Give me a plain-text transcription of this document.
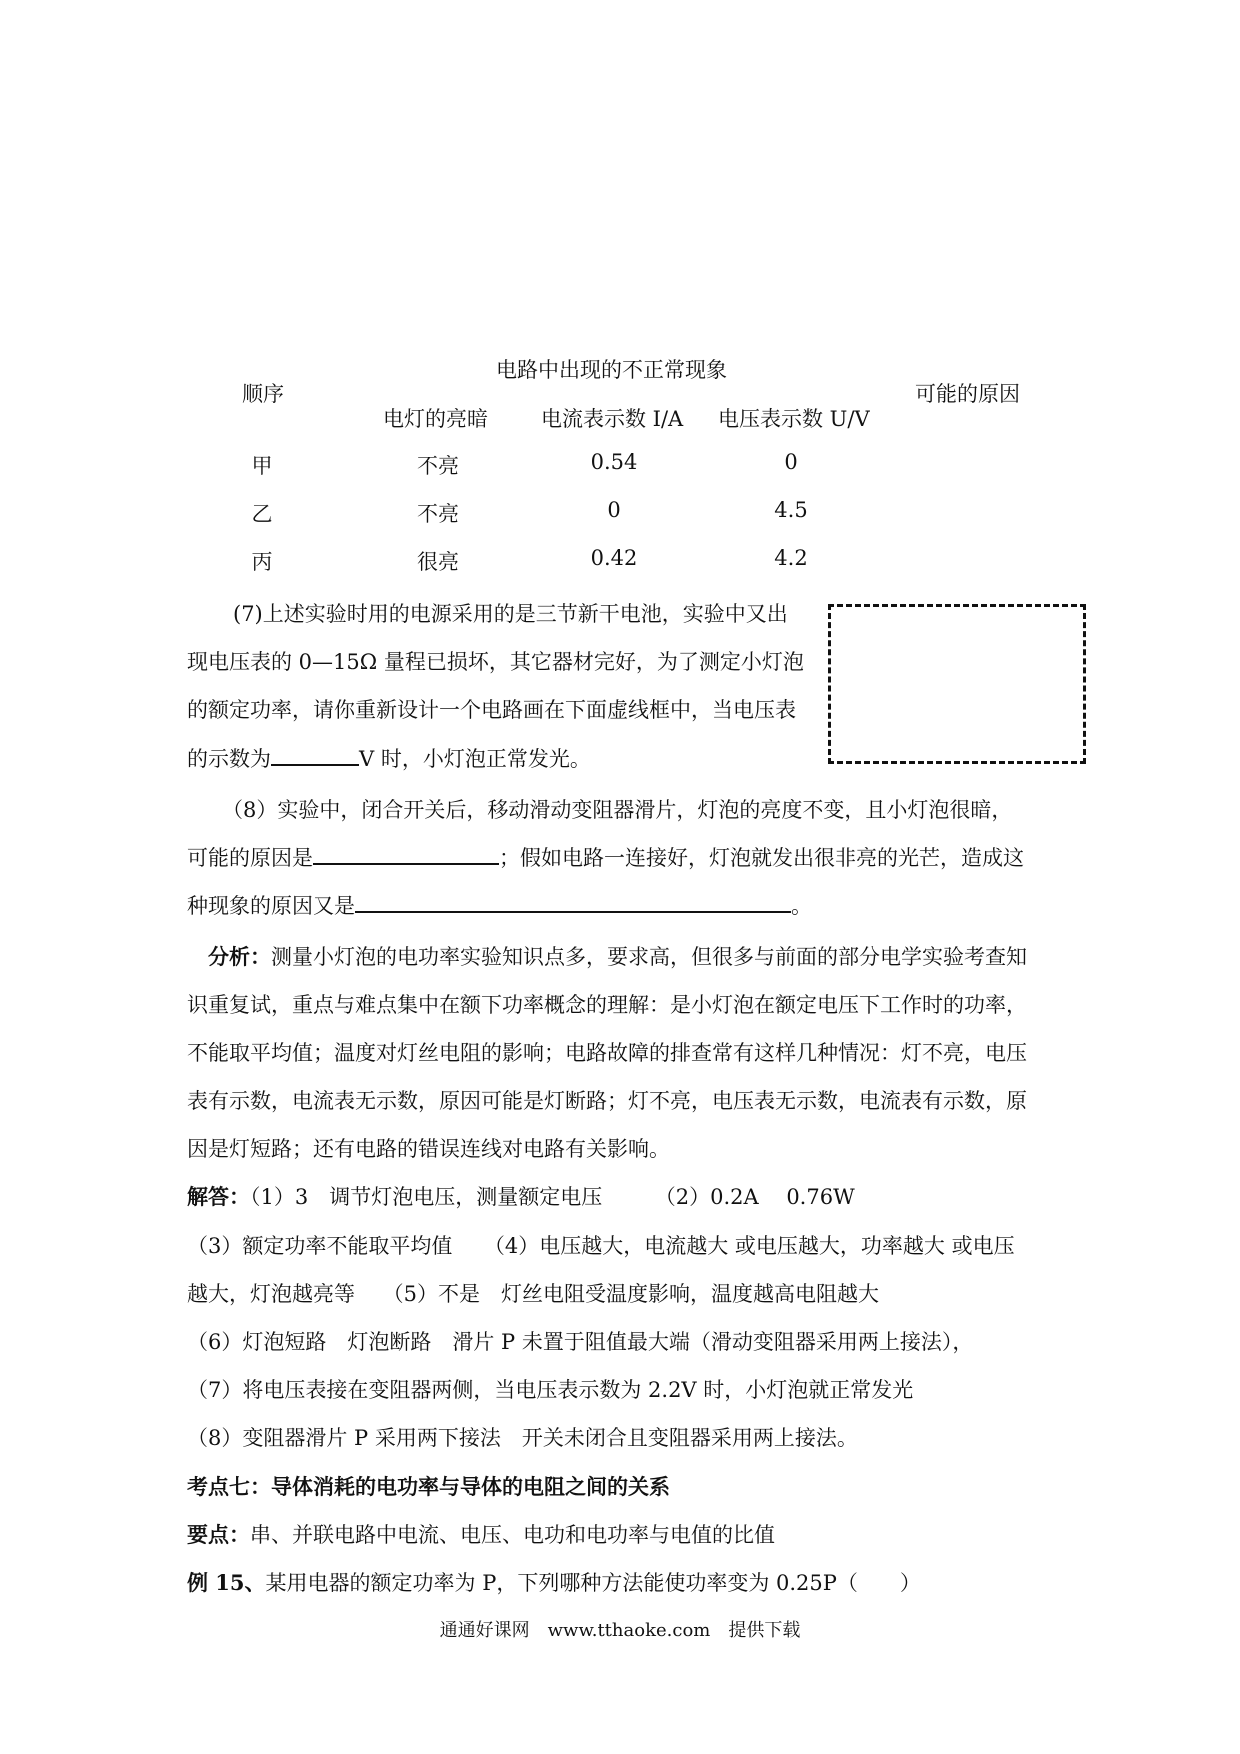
顺序
电路中出现的不正常现象
可能的原因
电灯的亮暗	电流表示数 I/A 电压表示数 U/V
甲	不亮	0.54	0
乙	不亮	0	4.5
丙	很亮	0.42	4.2
(7)上述实验时用的电源采用的是三节新干电池，实验中又出
现电压表的 0—15Ω 量程已损坏，其它器材完好，为了测定小灯泡
的额定功率，请你重新设计一个电路画在下面虚线框中，当电压表
的示数为	V 时，小灯泡正常发光。
（8）实验中，闭合开关后，移动滑动变阻器滑片，灯泡的亮度不变，且小灯泡很暗，
可能的原因是	；假如电路一连接好，灯泡就发出很非亮的光芒，造成这
种现象的原因又是	。
分析：测量小灯泡的电功率实验知识点多，要求高，但很多与前面的部分电学实验考查知
识重复试，重点与难点集中在额下功率概念的理解：是小灯泡在额定电压下工作时的功率，
不能取平均值；温度对灯丝电阻的影响；电路故障的排查常有这样几种情况：灯不亮，电压
表有示数，电流表无示数，原因可能是灯断路；灯不亮，电压表无示数，电流表有示数，原
因是灯短路；还有电路的错误连线对电路有关影响。
解答：（1）3　调节灯泡电压，测量额定电压　　　（2）0.2A　 0.76W
（3）额定功率不能取平均值　　（4）电压越大，电流越大 或电压越大，功率越大 或电压
越大，灯泡越亮等　 （5）不是　灯丝电阻受温度影响，温度越高电阻越大
（6）灯泡短路　灯泡断路　滑片 P 未置于阻值最大端（滑动变阻器采用两上接法），
（7）将电压表接在变阻器两侧，当电压表示数为 2.2V 时，小灯泡就正常发光
（8）变阻器滑片 P 采用两下接法　开关未闭合且变阻器采用两上接法。
考点七：导体消耗的电功率与导体的电阻之间的关系
要点：串、并联电路中电流、电压、电功和电功率与电值的比值
例 15、某用电器的额定功率为 P，下列哪种方法能使功率变为 0.25P（　　）
通通好课网　www.tthaoke.com　提供下载
